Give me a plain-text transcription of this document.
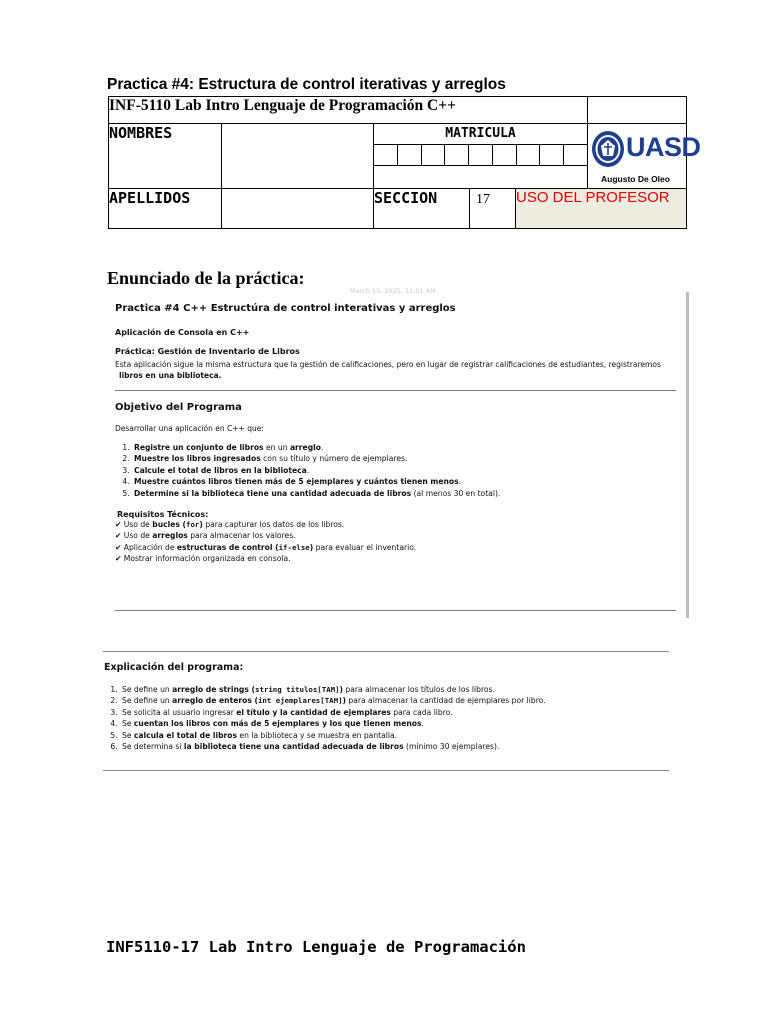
Practica #4: Estructura de control iterativas y arreglos
INF-5110 Lab Intro Lenguaje de Programación C++					
NOMBRES		MATRICULA			UASD
Augusto De Oleo

APELLIDOS		SECCION	17	USO DEL PROFESOR	
Enunciado de la práctica:
March 13, 2025, 11:51 AM
Practica #4 C++ Estructúra de control interativas y arreglos
Aplicación de Consola en C++
Práctica: Gestión de Inventario de Libros
Esta aplicación sigue la misma estructura que la gestión de calificaciones, pero en lugar de registrar calificaciones de estudiantes, registraremos
libros en una biblioteca.
Objetivo del Programa
Desarrollar una aplicación en C++ que:
1. Registre un conjunto de libros en un arreglo.
2. Muestre los libros ingresados con su título y número de ejemplares.
3. Calcule el total de libros en la biblioteca.
4. Muestre cuántos libros tienen más de 5 ejemplares y cuántos tienen menos.
5. Determine si la biblioteca tiene una cantidad adecuada de libros (al menos 30 en total).
Requisitos Técnicos:
✔ Uso de bucles (for) para capturar los datos de los libros.
✔ Uso de arreglos para almacenar los valores.
✔ Aplicación de estructuras de control (if-else) para evaluar el inventario.
✔ Mostrar información organizada en consola.
Explicación del programa:
1. Se define un arreglo de strings (string titulos[TAM]) para almacenar los títulos de los libros.
2. Se define un arreglo de enteros (int ejemplares[TAM]) para almacenar la cantidad de ejemplares por libro.
3. Se solicita al usuario ingresar el título y la cantidad de ejemplares para cada libro.
4. Se cuentan los libros con más de 5 ejemplares y los que tienen menos.
5. Se calcula el total de libros en la biblioteca y se muestra en pantalla.
6. Se determina si la biblioteca tiene una cantidad adecuada de libros (mínimo 30 ejemplares).
INF5110-17 Lab Intro Lenguaje de Programación
